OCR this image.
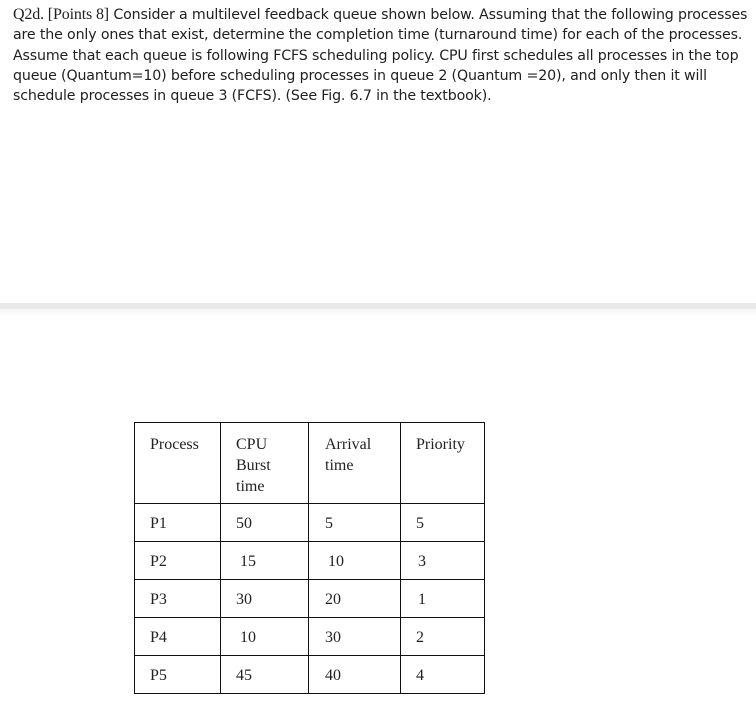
Q2d. [Points 8] Consider a multilevel feedback queue shown below. Assuming that the following processes are the only ones that exist, determine the completion time (turnaround time) for each of the processes. Assume that each queue is following FCFS scheduling policy. CPU first schedules all processes in the top queue (Quantum=10) before scheduling processes in queue 2 (Quantum =20), and only then it will schedule processes in queue 3 (FCFS). (See Fig. 6.7 in the textbook).
Process	CPU Burst time	Arrival time	Priority

P1	50	5	5
P2	15	10	3
P3	30	20	1
P4	10	30	2
P5	45	40	4
